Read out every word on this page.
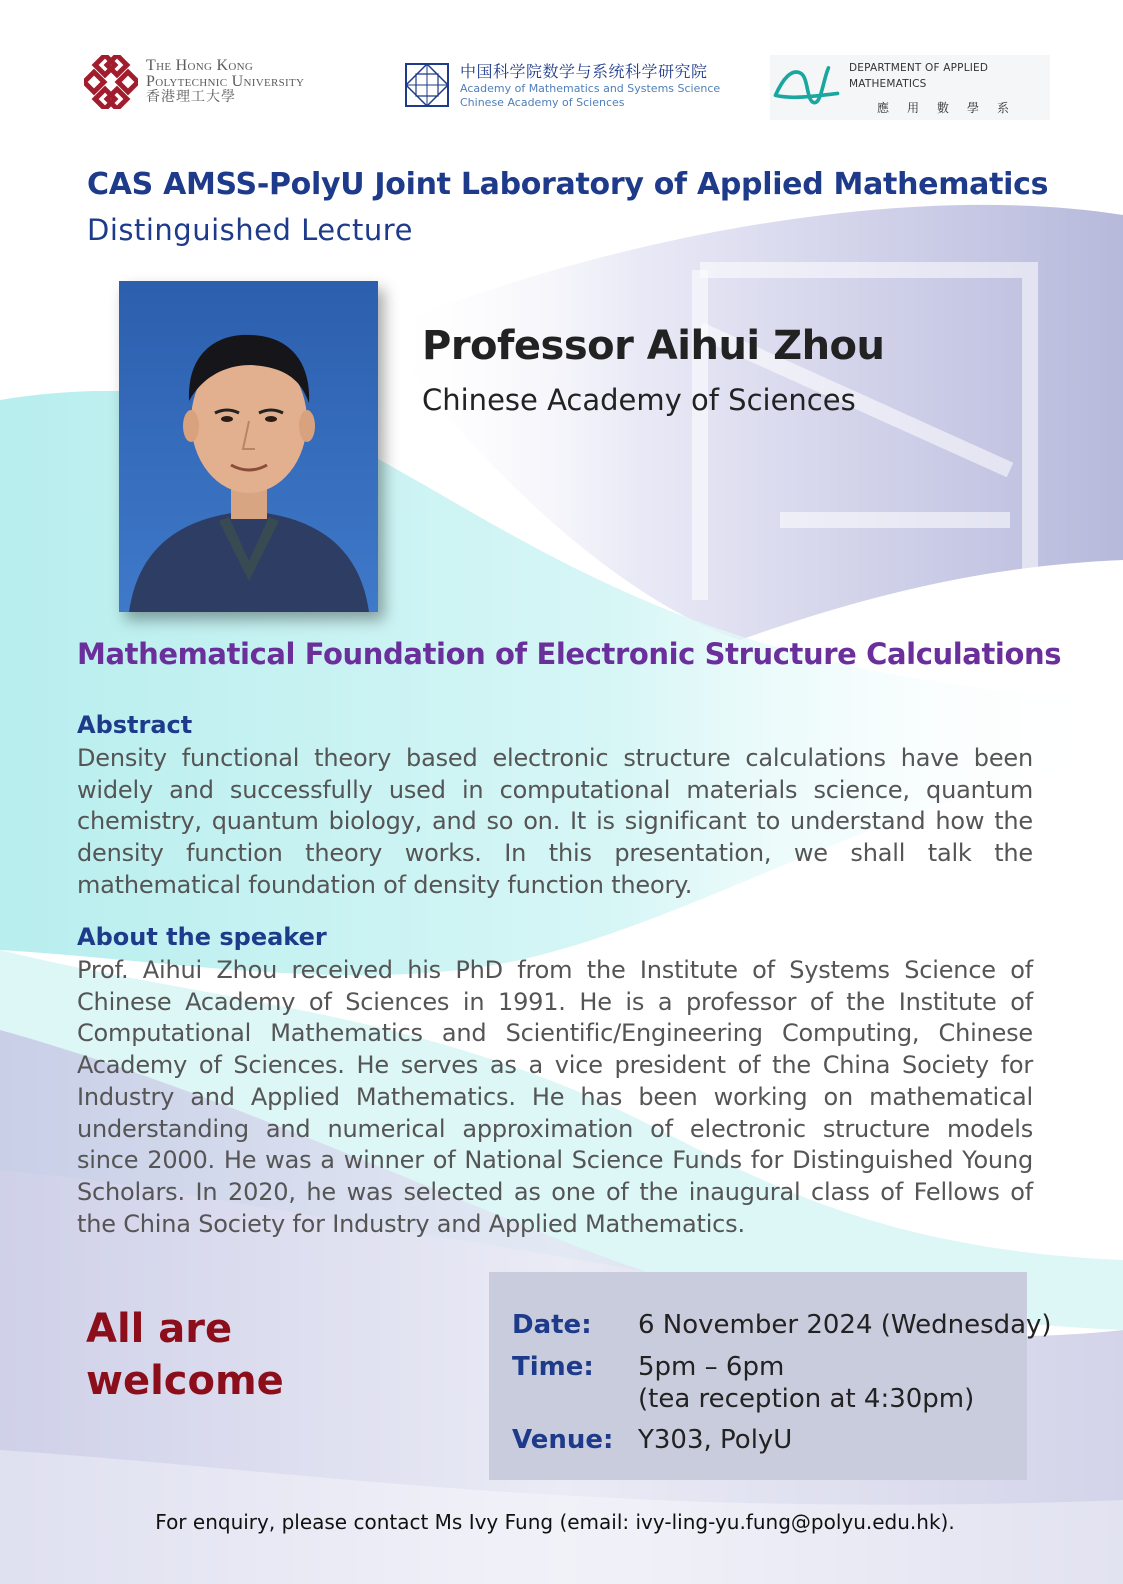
The Hong Kong
Polytechnic University
香港理工大學
中国科学院数学与系统科学研究院
Academy of Mathematics and Systems Science
Chinese Academy of Sciences
DEPARTMENT OF APPLIED MATHEMATICS
應用數學系
CAS AMSS-PolyU Joint Laboratory of Applied Mathematics
Distinguished Lecture
Professor Aihui Zhou
Chinese Academy of Sciences
Mathematical Foundation of Electronic Structure Calculations
Abstract
Density functional theory based electronic structure calculations have been widely and successfully used in computational materials science, quantum chemistry, quantum biology, and so on. It is significant to understand how the density function theory works. In this presentation, we shall talk the mathematical foundation of density function theory.
About the speaker
Prof. Aihui Zhou received his PhD from the Institute of Systems Science of Chinese Academy of Sciences in 1991. He is a professor of the Institute of Computational Mathematics and Scientific/Engineering Computing, Chinese Academy of Sciences. He serves as a vice president of the China Society for Industry and Applied Mathematics. He has been working on mathematical understanding and numerical approximation of electronic structure models since 2000. He was a winner of National Science Funds for Distinguished Young Scholars. In 2020, he was selected as one of the inaugural class of Fellows of the China Society for Industry and Applied Mathematics.
All are
welcome
Date: 6 November 2024 (Wednesday)
Time: 5pm – 6pm
(tea reception at 4:30pm)
Venue: Y303, PolyU
For enquiry, please contact Ms Ivy Fung (email: ivy-ling-yu.fung@polyu.edu.hk).
